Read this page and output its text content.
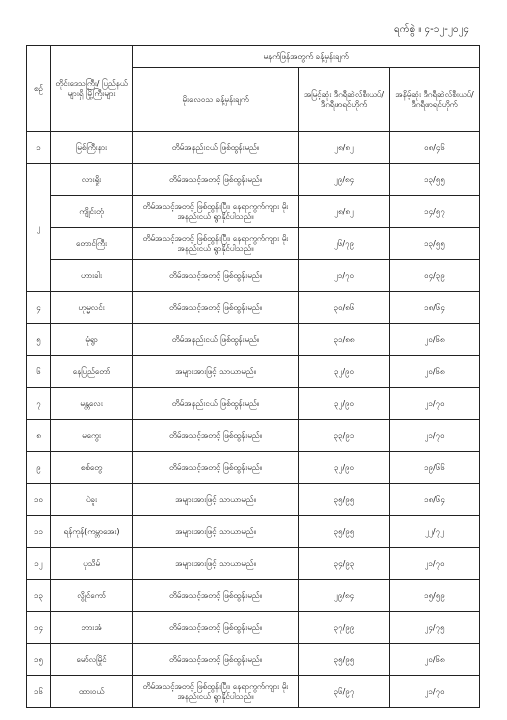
ရက်စွဲ ။ ၄-၁၂-၂၀၂၄
စဉ်	တိုင်းဒေသကြီး/ ပြည်နယ်များရှိ မြို့ကြီးများ	မနက်ဖြန်အတွက် ခန့်မှန်းချက်		
		မိုးလေဝသ ခန့်မှန်းချက်	အမြင့်ဆုံး ဒီဂရီဆဲလ်စီးယပ်/ ဒီဂရီဖာရင်ဟိုက်	အနိမ့်ဆုံး ဒီဂရီဆဲလ်စီးယပ်/ ဒီဂရီဖာရင်ဟိုက်
၁	မြစ်ကြီးနား	တိမ်အနည်းငယ် ဖြစ်ထွန်းမည်။	၂၈/၈၂	၀၈/၄၆
၂	လားရှိုး	တိမ်အသင့်အတင့် ဖြစ်ထွန်းမည်။	၂၉/၈၄	၁၃/၅၅
	ကျိုင်းတုံ	တိမ်အသင့်အတင့် ဖြစ်ထွန်းပြီး၊ နေရာကွက်ကျား မိုးအနည်းငယ် ရွာနိုင်ပါသည်။	၂၈/၈၂	၁၄/၅၇
	တောင်ကြီး	တိမ်အသင့်အတင့် ဖြစ်ထွန်းပြီး၊ နေရာကွက်ကျား မိုးအနည်းငယ် ရွာနိုင်ပါသည်။	၂၆/၇၉	၁၃/၅၅
	ဟားခါး	တိမ်အသင့်အတင့် ဖြစ်ထွန်းမည်။	၂၁/၇၀	၀၄/၃၉
၄	ဟုမ္မလင်း	တိမ်အသင့်အတင့် ဖြစ်ထွန်းမည်။	၃၀/၈၆	၁၈/၆၄
၅	မုံရွာ	တိမ်အနည်းငယ် ဖြစ်ထွန်းမည်။	၃၁/၈၈	၂၀/၆၈
၆	နေပြည်တော်	အများအားဖြင့် သာယာမည်။	၃၂/၉၀	၂၀/၆၈
၇	မန္တလေး	တိမ်အနည်းငယ် ဖြစ်ထွန်းမည်။	၃၂/၉၀	၂၁/၇၀
၈	မကွေး	တိမ်အသင့်အတင့် ဖြစ်ထွန်းမည်။	၃၃/၉၁	၂၁/၇၀
၉	စစ်တွေ	တိမ်အသင့်အတင့် ဖြစ်ထွန်းမည်။	၃၂/၉၀	၁၉/၆၆
၁၀	ပဲခူး	အများအားဖြင့် သာယာမည်။	၃၅/၉၅	၁၈/၆၄
၁၁	ရန်ကုန်(ကမ္ဘာအေး)	အများအားဖြင့် သာယာမည်။	၃၅/၉၅	၂၂/၇၂
၁၂	ပုသိမ်	အများအားဖြင့် သာယာမည်။	၃၄/၉၃	၂၁/၇၀
၁၃	လွိုင်ကော်	တိမ်အသင့်အတင့် ဖြစ်ထွန်းမည်။	၂၉/၈၄	၁၅/၅၉
၁၄	ဘားအံ	တိမ်အသင့်အတင့် ဖြစ်ထွန်းမည်။	၃၇/၉၉	၂၄/၇၅
၁၅	မော်လမြိုင်	တိမ်အသင့်အတင့် ဖြစ်ထွန်းမည်။	၃၅/၉၅	၂၀/၆၈
၁၆	ထားဝယ်	တိမ်အသင့်အတင့် ဖြစ်ထွန်းပြီး၊ နေရာကွက်ကျား မိုးအနည်းငယ် ရွာနိုင်ပါသည်။	၃၆/၉၇	၂၁/၇၀
